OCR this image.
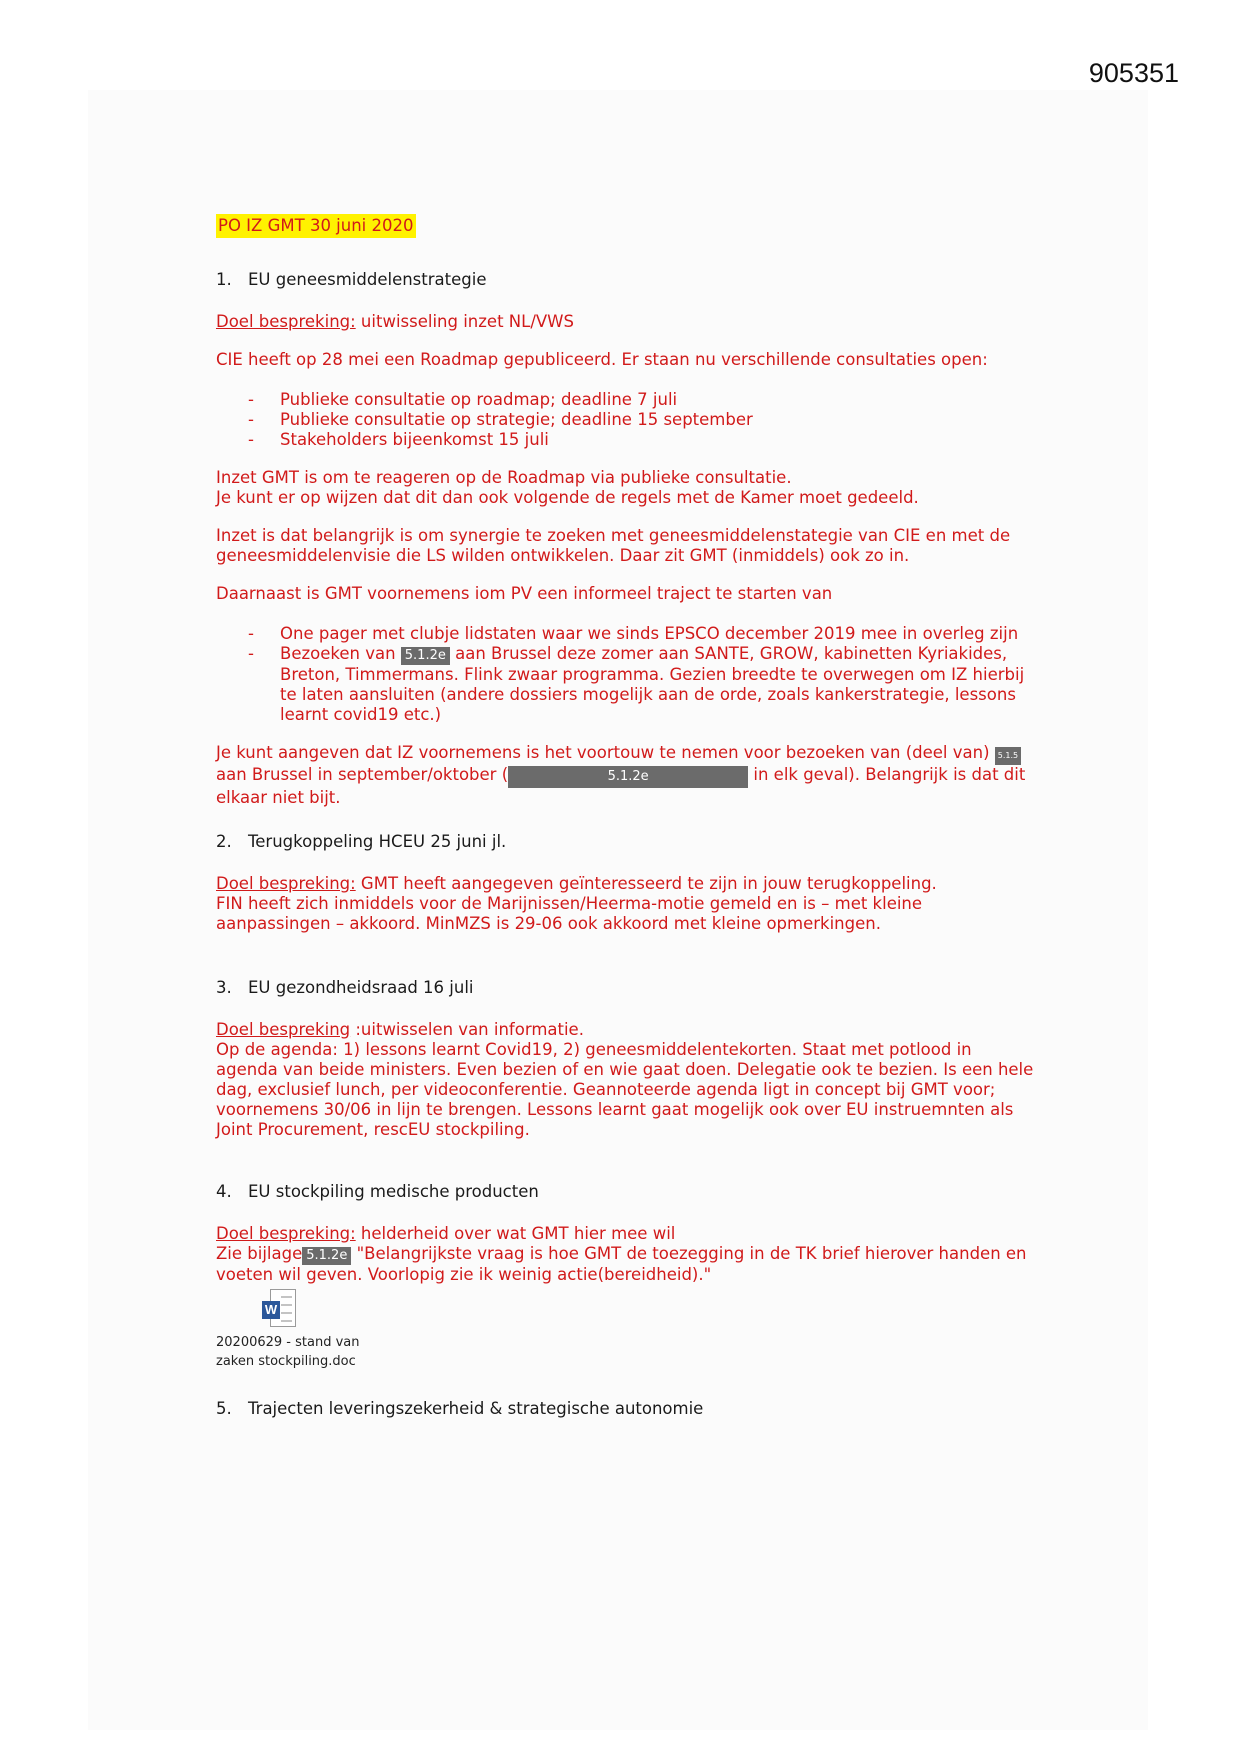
905351
PO IZ GMT 30 juni 2020

1. EU geneesmiddelenstrategie

Doel bespreking: uitwisseling inzet NL/VWS

CIE heeft op 28 mei een Roadmap gepubliceerd. Er staan nu verschillende consultaties open:

- Publieke consultatie op roadmap; deadline 7 juli
- Publieke consultatie op strategie; deadline 15 september
- Stakeholders bijeenkomst 15 juli

Inzet GMT is om te reageren op de Roadmap via publieke consultatie.
Je kunt er op wijzen dat dit dan ook volgende de regels met de Kamer moet gedeeld.

Inzet is dat belangrijk is om synergie te zoeken met geneesmiddelenstategie van CIE en met de geneesmiddelenvisie die LS wilden ontwikkelen. Daar zit GMT (inmiddels) ook zo in.

Daarnaast is GMT voornemens iom PV een informeel traject te starten van

- One pager met clubje lidstaten waar we sinds EPSCO december 2019 mee in overleg zijn
- Bezoeken van 5.1.2e aan Brussel deze zomer aan SANTE, GROW, kabinetten Kyriakides, Breton, Timmermans. Flink zwaar programma. Gezien breedte te overwegen om IZ hierbij te laten aansluiten (andere dossiers mogelijk aan de orde, zoals kankerstrategie, lessons learnt covid19 etc.)

Je kunt aangeven dat IZ voornemens is het voortouw te nemen voor bezoeken van (deel van) 5.1.5 aan Brussel in september/oktober (	5.1.2e	in elk geval). Belangrijk is dat dit elkaar niet bijt.

2. Terugkoppeling HCEU 25 juni jl.

Doel bespreking: GMT heeft aangegeven geïnteresseerd te zijn in jouw terugkoppeling.
FIN heeft zich inmiddels voor de Marijnissen/Heerma-motie gemeld en is – met kleine aanpassingen – akkoord. MinMZS is 29-06 ook akkoord met kleine opmerkingen.

3. EU gezondheidsraad 16 juli

Doel bespreking :uitwisselen van informatie.
Op de agenda: 1) lessons learnt Covid19, 2) geneesmiddelentekorten. Staat met potlood in agenda van beide ministers. Even bezien of en wie gaat doen. Delegatie ook te bezien. Is een hele dag, exclusief lunch, per videoconferentie. Geannoteerde agenda ligt in concept bij GMT voor; voornemens 30/06 in lijn te brengen. Lessons learnt gaat mogelijk ook over EU instruemnten als Joint Procurement, rescEU stockpiling.

4. EU stockpiling medische producten

Doel bespreking: helderheid over wat GMT hier mee wil
Zie bijlage 5.1.2e "Belangrijkste vraag is hoe GMT de toezegging in de TK brief hierover handen en voeten wil geven. Voorlopig zie ik weinig actie(bereidheid)."

W
20200629 - stand van
zaken stockpiling.doc

5. Trajecten leveringszekerheid & strategische autonomie
